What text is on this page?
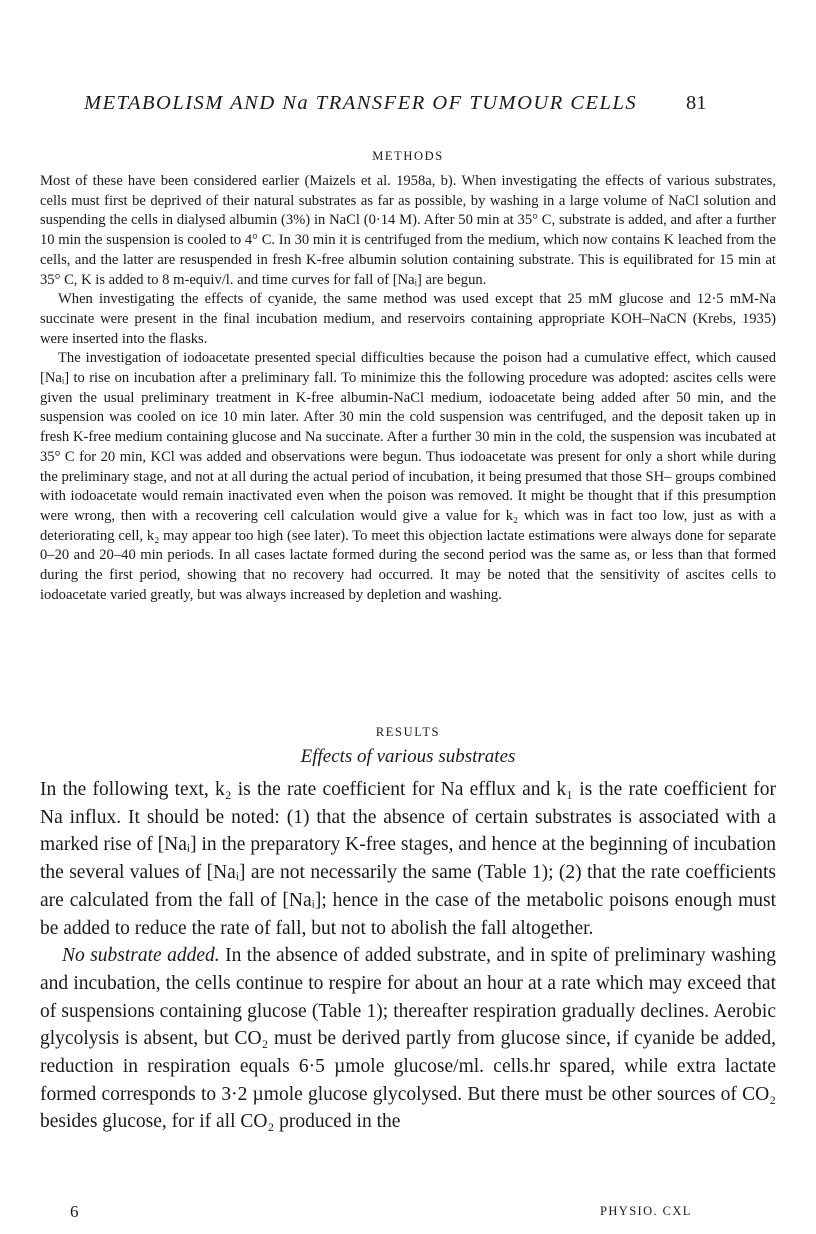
METABOLISM AND Na TRANSFER OF TUMOUR CELLS	81
METHODS

Most of these have been considered earlier (Maizels et al. 1958a, b). When investigating the effects of various substrates, cells must first be deprived of their natural substrates as far as possible, by washing in a large volume of NaCl solution and suspending the cells in dialysed albumin (3%) in NaCl (0·14 M). After 50 min at 35° C, substrate is added, and after a further 10 min the suspension is cooled to 4° C. In 30 min it is centrifuged from the medium, which now contains K leached from the cells, and the latter are resuspended in fresh K-free albumin solution containing substrate. This is equilibrated for 15 min at 35° C, K is added to 8 m-equiv/l. and time curves for fall of [Naᵢ] are begun.

When investigating the effects of cyanide, the same method was used except that 25 mM glucose and 12·5 mM-Na succinate were present in the final incubation medium, and reservoirs containing appropriate KOH–NaCN (Krebs, 1935) were inserted into the flasks.

The investigation of iodoacetate presented special difficulties because the poison had a cumulative effect, which caused [Naᵢ] to rise on incubation after a preliminary fall. To minimize this the following procedure was adopted: ascites cells were given the usual preliminary treatment in K-free albumin-NaCl medium, iodoacetate being added after 50 min, and the suspension was cooled on ice 10 min later. After 30 min the cold suspension was centrifuged, and the deposit taken up in fresh K-free medium containing glucose and Na succinate. After a further 30 min in the cold, the suspension was incubated at 35° C for 20 min, KCl was added and observations were begun. Thus iodoacetate was present for only a short while during the preliminary stage, and not at all during the actual period of incubation, it being presumed that those SH– groups combined with iodoacetate would remain inactivated even when the poison was removed. It might be thought that if this presumption were wrong, then with a recovering cell calculation would give a value for k₂ which was in fact too low, just as with a deteriorating cell, k₂ may appear too high (see later). To meet this objection lactate estimations were always done for separate 0–20 and 20–40 min periods. In all cases lactate formed during the second period was the same as, or less than that formed during the first period, showing that no recovery had occurred. It may be noted that the sensitivity of ascites cells to iodoacetate varied greatly, but was always increased by depletion and washing.

RESULTS
Effects of various substrates

In the following text, k₂ is the rate coefficient for Na efflux and k₁ is the rate coefficient for Na influx. It should be noted: (1) that the absence of certain substrates is associated with a marked rise of [Naᵢ] in the preparatory K-free stages, and hence at the beginning of incubation the several values of [Naᵢ] are not necessarily the same (Table 1); (2) that the rate coefficients are calculated from the fall of [Naᵢ]; hence in the case of the metabolic poisons enough must be added to reduce the rate of fall, but not to abolish the fall altogether.

No substrate added. In the absence of added substrate, and in spite of preliminary washing and incubation, the cells continue to respire for about an hour at a rate which may exceed that of suspensions containing glucose (Table 1); thereafter respiration gradually declines. Aerobic glycolysis is absent, but CO₂ must be derived partly from glucose since, if cyanide be added, reduction in respiration equals 6·5 µmole glucose/ml. cells.hr spared, while extra lactate formed corresponds to 3·2 µmole glucose glycolysed. But there must be other sources of CO₂ besides glucose, for if all CO₂ produced in the

6	PHYSIO. CXL
